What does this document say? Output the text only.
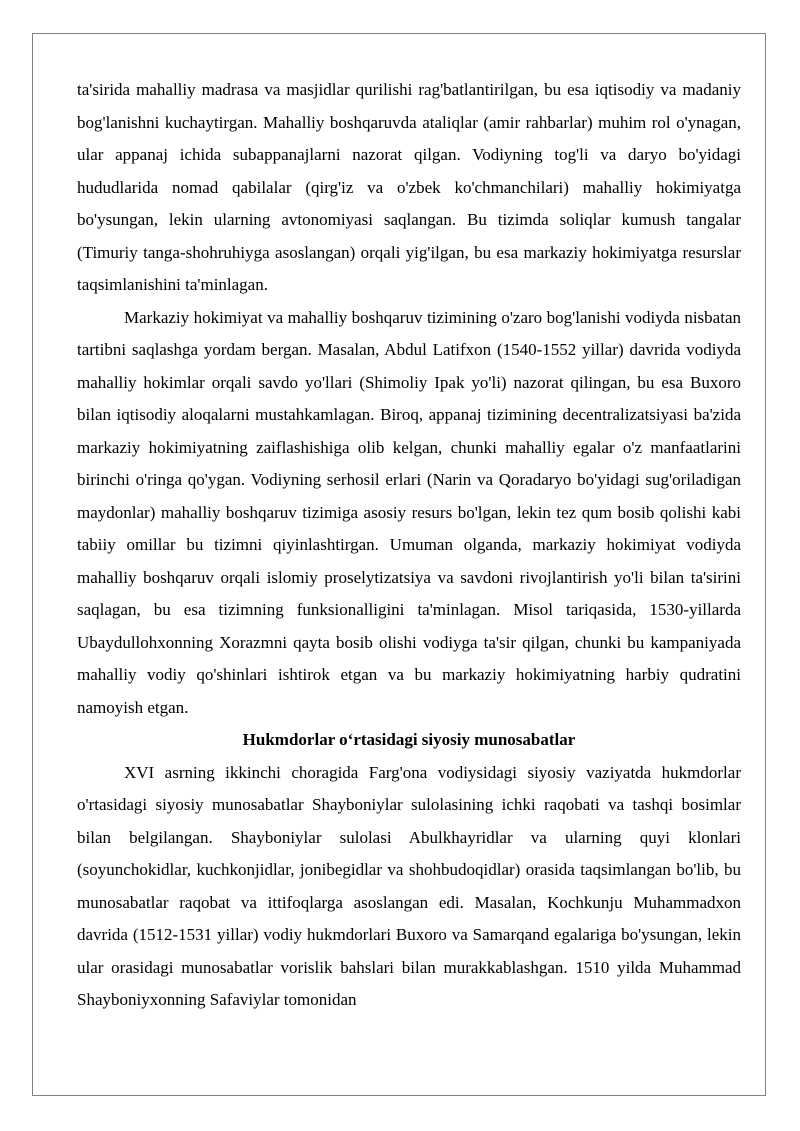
ta'sirida mahalliy madrasa va masjidlar qurilishi rag'batlantirilgan, bu esa iqtisodiy va madaniy bog'lanishni kuchaytirgan. Mahalliy boshqaruvda ataliqlar (amir rahbarlar) muhim rol o'ynagan, ular appanaj ichida subappanajlarni nazorat qilgan. Vodiyning tog'li va daryo bo'yidagi hududlarida nomad qabilalar (qirg'iz va o'zbek ko'chmanchilari) mahalliy hokimiyatga bo'ysungan, lekin ularning avtonomiyasi saqlangan. Bu tizimda soliqlar kumush tangalar (Timuriy tanga-shohruhiyga asoslangan) orqali yig'ilgan, bu esa markaziy hokimiyatga resurslar taqsimlanishini ta'minlagan.

Markaziy hokimiyat va mahalliy boshqaruv tizimining o'zaro bog'lanishi vodiyda nisbatan tartibni saqlashga yordam bergan. Masalan, Abdul Latifxon (1540-1552 yillar) davrida vodiyda mahalliy hokimlar orqali savdo yo'llari (Shimoliy Ipak yo'li) nazorat qilingan, bu esa Buxoro bilan iqtisodiy aloqalarni mustahkamlagan. Biroq, appanaj tizimining decentralizatsiyasi ba'zida markaziy hokimiyatning zaiflashishiga olib kelgan, chunki mahalliy egalar o'z manfaatlarini birinchi o'ringa qo'ygan. Vodiyning serhosil erlari (Narin va Qoradaryo bo'yidagi sug'oriladigan maydonlar) mahalliy boshqaruv tizimiga asosiy resurs bo'lgan, lekin tez qum bosib qolishi kabi tabiiy omillar bu tizimni qiyinlashtirgan. Umuman olganda, markaziy hokimiyat vodiyda mahalliy boshqaruv orqali islomiy proselytizatsiya va savdoni rivojlantirish yo'li bilan ta'sirini saqlagan, bu esa tizimning funksionalligini ta'minlagan. Misol tariqasida, 1530-yillarda Ubaydullohxonning Xorazmni qayta bosib olishi vodiyga ta'sir qilgan, chunki bu kampaniyada mahalliy vodiy qo'shinlari ishtirok etgan va bu markaziy hokimiyatning harbiy qudratini namoyish etgan.

Hukmdorlar o‘rtasidagi siyosiy munosabatlar

XVI asrning ikkinchi choragida Farg'ona vodiysidagi siyosiy vaziyatda hukmdorlar o'rtasidagi siyosiy munosabatlar Shayboniylar sulolasining ichki raqobati va tashqi bosimlar bilan belgilangan. Shayboniylar sulolasi Abulkhayridlar va ularning quyi klonlari (soyunchokidlar, kuchkonjidlar, jonibegidlar va shohbudoqidlar) orasida taqsimlangan bo'lib, bu munosabatlar raqobat va ittifoqlarga asoslangan edi. Masalan, Kochkunju Muhammadxon davrida (1512-1531 yillar) vodiy hukmdorlari Buxoro va Samarqand egalariga bo'ysungan, lekin ular orasidagi munosabatlar vorislik bahslari bilan murakkablashgan. 1510 yilda Muhammad Shayboniyxonning Safaviylar tomonidan
